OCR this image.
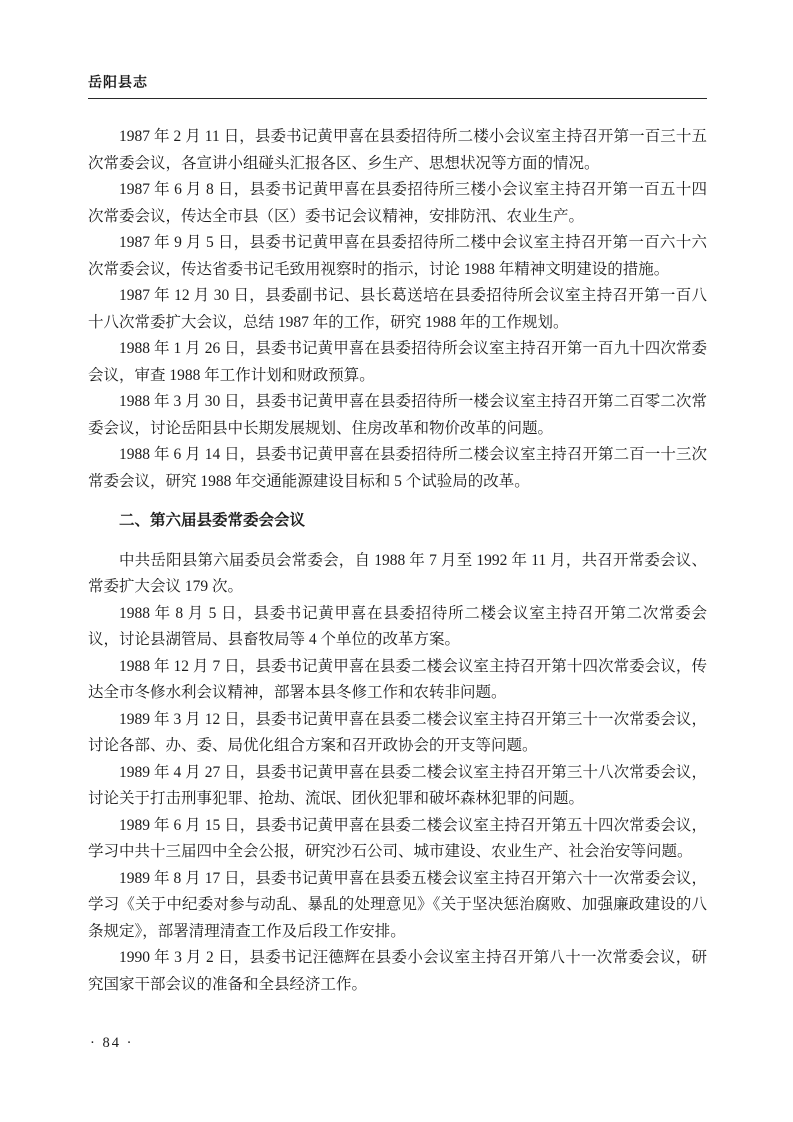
岳阳县志

1987 年 2 月 11 日，县委书记黄甲喜在县委招待所二楼小会议室主持召开第一百三十五次常委会议，各宣讲小组碰头汇报各区、乡生产、思想状况等方面的情况。

1987 年 6 月 8 日，县委书记黄甲喜在县委招待所三楼小会议室主持召开第一百五十四次常委会议，传达全市县（区）委书记会议精神，安排防汛、农业生产。

1987 年 9 月 5 日，县委书记黄甲喜在县委招待所二楼中会议室主持召开第一百六十六次常委会议，传达省委书记毛致用视察时的指示，讨论 1988 年精神文明建设的措施。

1987 年 12 月 30 日，县委副书记、县长葛送培在县委招待所会议室主持召开第一百八十八次常委扩大会议，总结 1987 年的工作，研究 1988 年的工作规划。

1988 年 1 月 26 日，县委书记黄甲喜在县委招待所会议室主持召开第一百九十四次常委会议，审查 1988 年工作计划和财政预算。

1988 年 3 月 30 日，县委书记黄甲喜在县委招待所一楼会议室主持召开第二百零二次常委会议，讨论岳阳县中长期发展规划、住房改革和物价改革的问题。

1988 年 6 月 14 日，县委书记黄甲喜在县委招待所二楼会议室主持召开第二百一十三次常委会议，研究 1988 年交通能源建设目标和 5 个试验局的改革。

二、第六届县委常委会会议

中共岳阳县第六届委员会常委会，自 1988 年 7 月至 1992 年 11 月，共召开常委会议、常委扩大会议 179 次。

1988 年 8 月 5 日，县委书记黄甲喜在县委招待所二楼会议室主持召开第二次常委会议，讨论县湖管局、县畜牧局等 4 个单位的改革方案。

1988 年 12 月 7 日，县委书记黄甲喜在县委二楼会议室主持召开第十四次常委会议，传达全市冬修水利会议精神，部署本县冬修工作和农转非问题。

1989 年 3 月 12 日，县委书记黄甲喜在县委二楼会议室主持召开第三十一次常委会议，讨论各部、办、委、局优化组合方案和召开政协会的开支等问题。

1989 年 4 月 27 日，县委书记黄甲喜在县委二楼会议室主持召开第三十八次常委会议，讨论关于打击刑事犯罪、抢劫、流氓、团伙犯罪和破坏森林犯罪的问题。

1989 年 6 月 15 日，县委书记黄甲喜在县委二楼会议室主持召开第五十四次常委会议，学习中共十三届四中全会公报，研究沙石公司、城市建设、农业生产、社会治安等问题。

1989 年 8 月 17 日，县委书记黄甲喜在县委五楼会议室主持召开第六十一次常委会议，学习《关于中纪委对参与动乱、暴乱的处理意见》《关于坚决惩治腐败、加强廉政建设的八条规定》，部署清理清查工作及后段工作安排。

1990 年 3 月 2 日，县委书记汪德辉在县委小会议室主持召开第八十一次常委会议，研究国家干部会议的准备和全县经济工作。

· 84 ·
